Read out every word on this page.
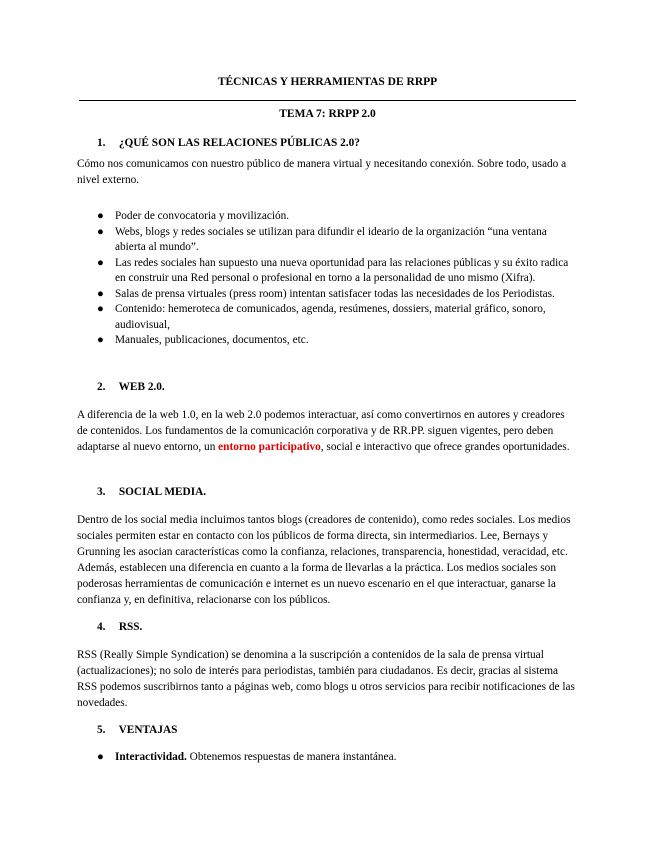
TÉCNICAS Y HERRAMIENTAS DE RRPP
TEMA 7: RRPP 2.0
1. ¿QUÉ SON LAS RELACIONES PÚBLICAS 2.0?

Cómo nos comunicamos con nuestro público de manera virtual y necesitando conexión. Sobre todo, usado a nivel externo.

● Poder de convocatoria y movilización.
● Webs, blogs y redes sociales se utilizan para difundir el ideario de la organización “una ventana abierta al mundo”.
● Las redes sociales han supuesto una nueva oportunidad para las relaciones públicas y su éxito radica en construir una Red personal o profesional en torno a la personalidad de uno mismo (Xifra).
● Salas de prensa virtuales (press room) intentan satisfacer todas las necesidades de los Periodistas.
● Contenido: hemeroteca de comunicados, agenda, resúmenes, dossiers, material gráfico, sonoro, audiovisual,
● Manuales, publicaciones, documentos, etc.
2. WEB 2.0.

A diferencia de la web 1.0, en la web 2.0 podemos interactuar, así como convertirnos en autores y creadores de contenidos. Los fundamentos de la comunicación corporativa y de RR.PP. siguen vigentes, pero deben adaptarse al nuevo entorno, un entorno participativo, social e interactivo que ofrece grandes oportunidades.

3. SOCIAL MEDIA.

Dentro de los social media incluimos tantos blogs (creadores de contenido), como redes sociales. Los medios sociales permiten estar en contacto con los públicos de forma directa, sin intermediarios. Lee, Bernays y Grunning les asocian características como la confianza, relaciones, transparencia, honestidad, veracidad, etc. Además, establecen una diferencia en cuanto a la forma de llevarlas a la práctica. Los medios sociales son poderosas herramientas de comunicación e internet es un nuevo escenario en el que interactuar, ganarse la confianza y, en definitiva, relacionarse con los públicos.

4. RSS.

RSS (Really Simple Syndication) se denomina a la suscripción a contenidos de la sala de prensa virtual (actualizaciones); no solo de interés para periodistas, también para ciudadanos. Es decir, gracias al sistema RSS podemos suscribirnos tanto a páginas web, como blogs u otros servicios para recibir notificaciones de las novedades.

5. VENTAJAS
● Interactividad. Obtenemos respuestas de manera instantánea.
